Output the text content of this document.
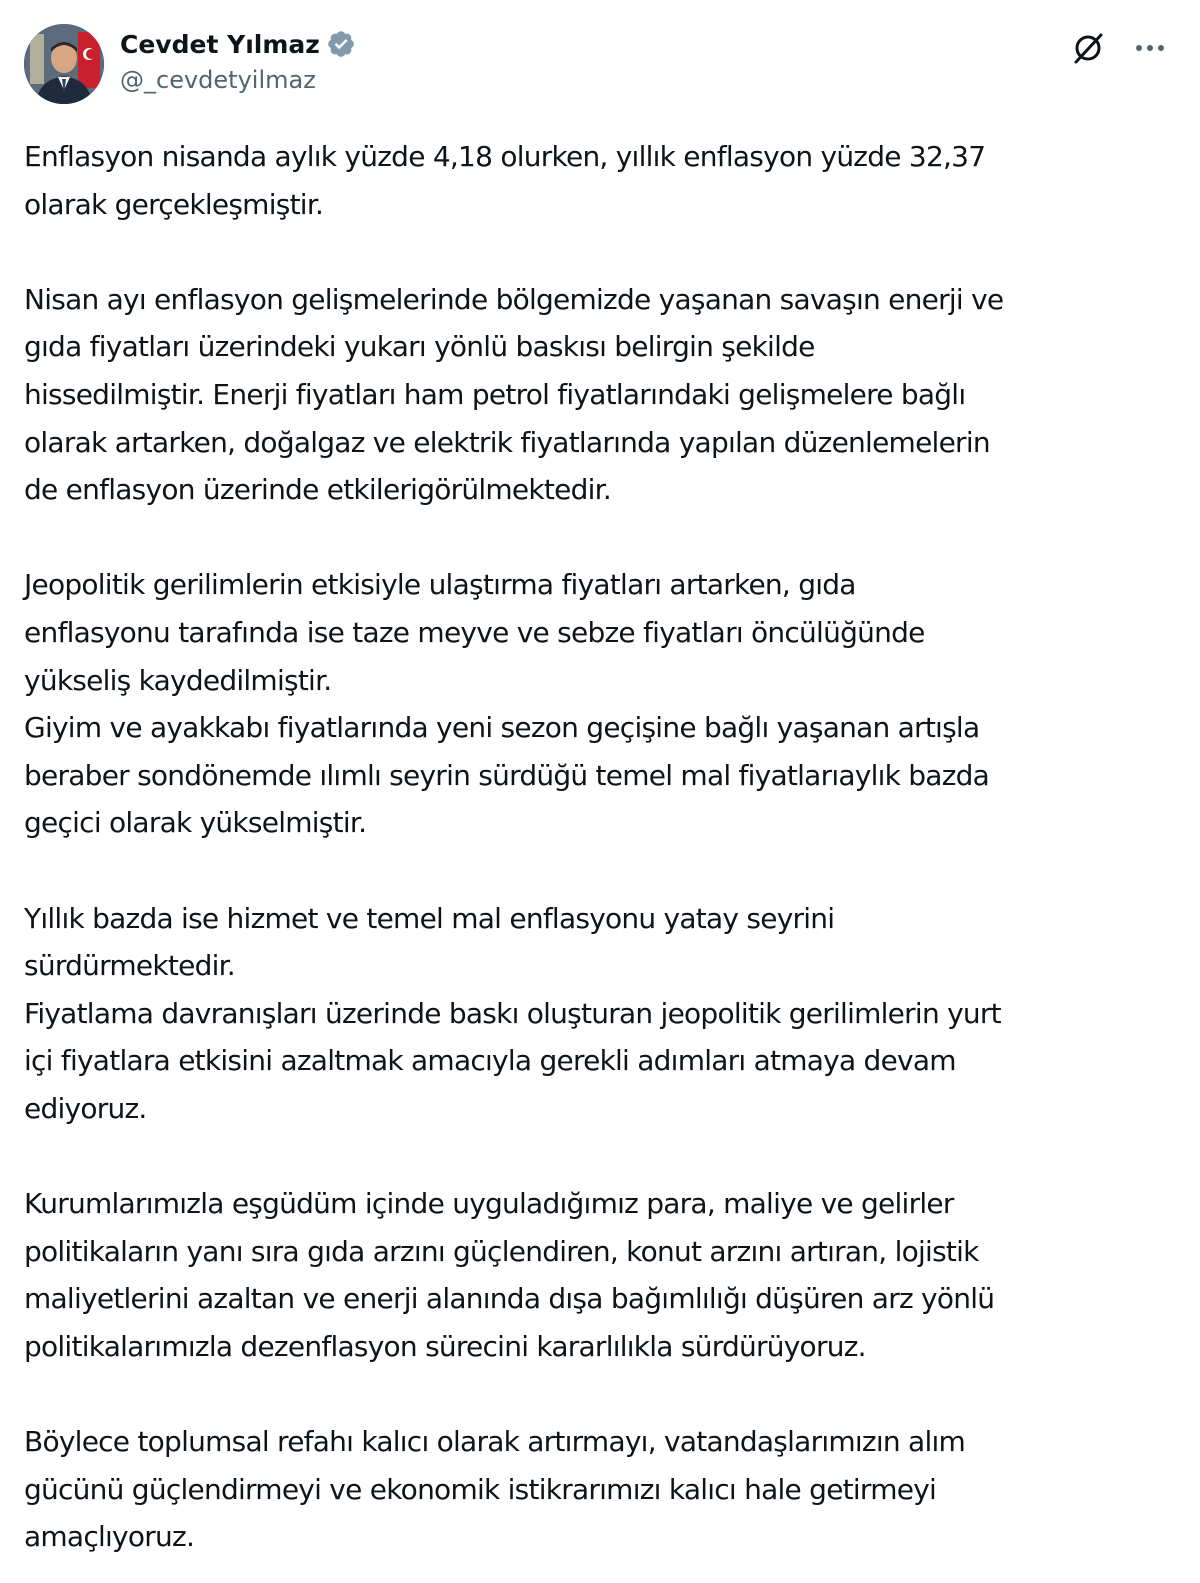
Cevdet Yılmaz
@_cevdetyilmaz
Enflasyon nisanda aylık yüzde 4,18 olurken, yıllık enflasyon yüzde 32,37
olarak gerçekleşmiştir.
Nisan ayı enflasyon gelişmelerinde bölgemizde yaşanan savaşın enerji ve
gıda fiyatları üzerindeki yukarı yönlü baskısı belirgin şekilde
hissedilmiştir. Enerji fiyatları ham petrol fiyatlarındaki gelişmelere bağlı
olarak artarken, doğalgaz ve elektrik fiyatlarında yapılan düzenlemelerin
de enflasyon üzerinde etkilerigörülmektedir.
Jeopolitik gerilimlerin etkisiyle ulaştırma fiyatları artarken, gıda
enflasyonu tarafında ise taze meyve ve sebze fiyatları öncülüğünde
yükseliş kaydedilmiştir.
Giyim ve ayakkabı fiyatlarında yeni sezon geçişine bağlı yaşanan artışla
beraber sondönemde ılımlı seyrin sürdüğü temel mal fiyatlarıaylık bazda
geçici olarak yükselmiştir.
Yıllık bazda ise hizmet ve temel mal enflasyonu yatay seyrini
sürdürmektedir.
Fiyatlama davranışları üzerinde baskı oluşturan jeopolitik gerilimlerin yurt
içi fiyatlara etkisini azaltmak amacıyla gerekli adımları atmaya devam
ediyoruz.
Kurumlarımızla eşgüdüm içinde uyguladığımız para, maliye ve gelirler
politikaların yanı sıra gıda arzını güçlendiren, konut arzını artıran, lojistik
maliyetlerini azaltan ve enerji alanında dışa bağımlılığı düşüren arz yönlü
politikalarımızla dezenflasyon sürecini kararlılıkla sürdürüyoruz.
Böylece toplumsal refahı kalıcı olarak artırmayı, vatandaşlarımızın alım
gücünü güçlendirmeyi ve ekonomik istikrarımızı kalıcı hale getirmeyi
amaçlıyoruz.
